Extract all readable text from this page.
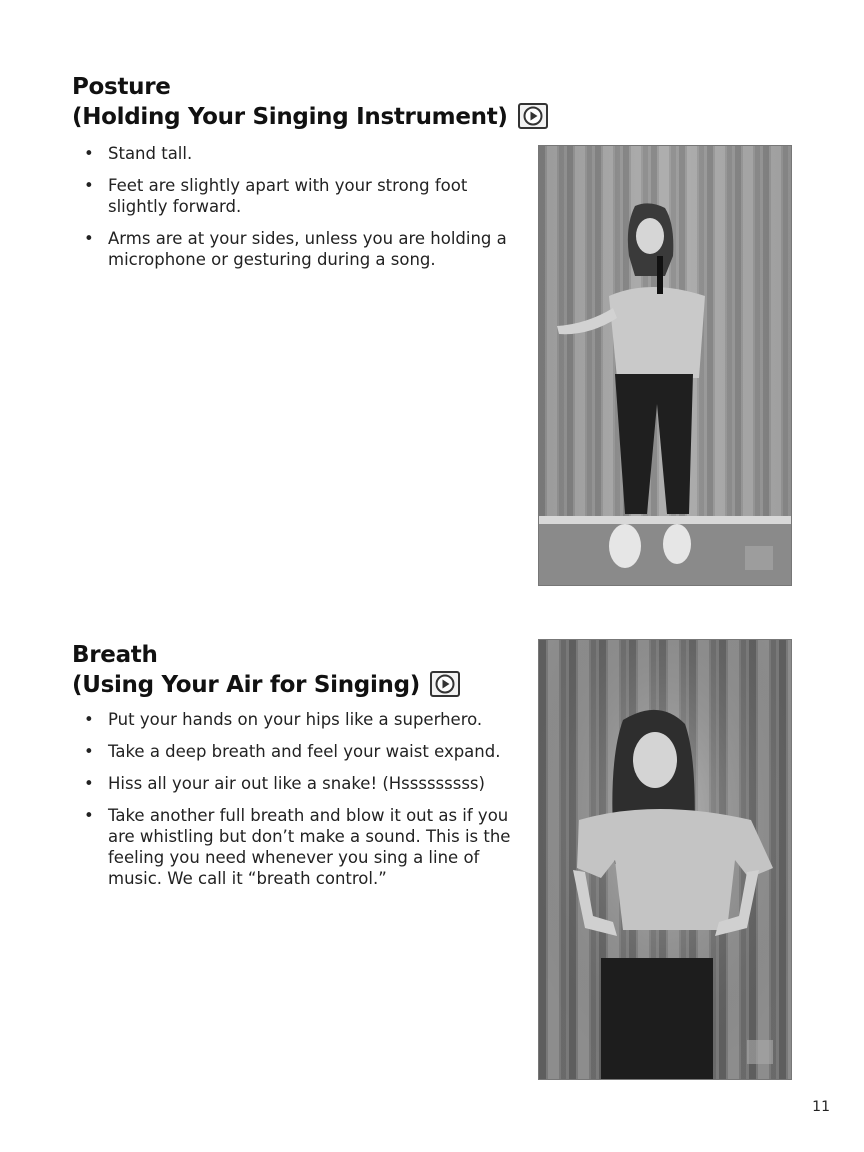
Posture
(Holding Your Singing Instrument)
• Stand tall.
• Feet are slightly apart with your strong foot slightly forward.
• Arms are at your sides, unless you are holding a microphone or gesturing during a song.
Breath
(Using Your Air for Singing)
• Put your hands on your hips like a superhero.
• Take a deep breath and feel your waist expand.
• Hiss all your air out like a snake! (Hsssssssss)
• Take another full breath and blow it out as if you are whistling but don’t make a sound. This is the feeling you need whenever you sing a line of music. We call it “breath control.”
11
